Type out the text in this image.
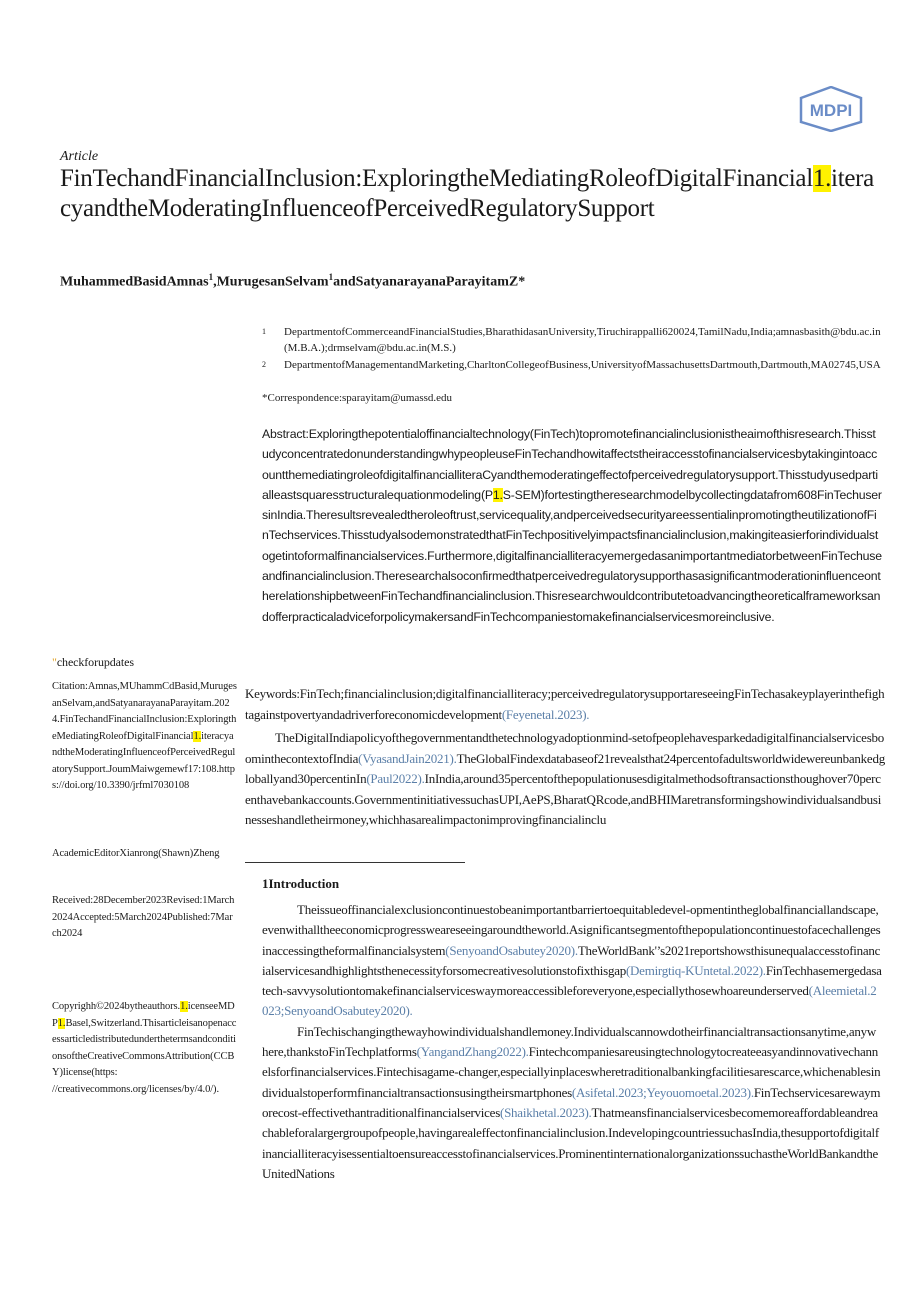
MDPI
Article
FinTechandFinancialInclusion:ExploringtheMediatingRoleofDigitalFinancial1.iteracyandtheModeratingInfluenceofPerceivedRegulatorySupport
MuhammedBasidAmnas$^1$,MurugesanSelvam$^1$andSatyanarayanaParayitamZ*
1 DepartmentofCommerceandFinancialStudies,BharathidasanUniversity,Tiruchirappalli620024,TamilNadu,India;amnasbasith@bdu.ac.in(M.B.A.);drmselvam@bdu.ac.in(M.S.)
2 DepartmentofManagementandMarketing,CharltonCollegeofBusiness,UniversityofMassachusettsDartmouth,Dartmouth,MA02745,USA
*Correspondence:sparayitam@umassd.edu
Abstract:Exploringthepotentialoffinancialtechnology(FinTech)topromotefinancialinclusionistheaimofthisresearch.ThisstudyconcentratedonunderstandingwhypeopleuseFinTechandhowitaffectstheiraccesstofinancialservicesbytakingintoaccountthemediatingroleofdigitalfinancialliteraCyandthemoderatingeffectofperceivedregulatorysupport.Thisstudyusedpartialleastsquaresstructuralequationmodeling(P1.S-SEM)fortestingtheresearchmodelbycollectingdatafrom608FinTechusersinIndia.Theresultsrevealedtheroleoftrust,servicequality,andperceivedsecurityareessentialinpromotingtheutilizationofFinTechservices.ThisstudyalsodemonstratedthatFinTechpositivelyimpactsfinancialinclusion,makingiteasierforindividualstogetintoformalfinancialservices.Furthermore,digitalfinancialliteracyemergedasanimportantmediatorbetweenFinTechuseandfinancialinclusion.TheresearchalsoconfirmedthatperceivedregulatorysupporthasasignificantmoderationinfluenceontherelationshipbetweenFinTechandfinancialinclusion.ThisresearchwouldcontributetoadvancingtheoreticalframeworksandofferpracticaladviceforpolicymakersandFinTechcompaniestomakefinancialservicesmoreinclusive.
Keywords:FinTech;financialinclusion;digitalfinancialliteracy;perceivedregulatorysupportareseeingFinTechasakeyplayerinthefightagainstpovertyandadriverforeconomicdevelopment(Feyenetal.2023).
TheDigitalIndiapolicyofthegovernmentandthetechnologyadoptionmind-setofpeoplehavesparkedadigitalfinancialservicesboominthecontextofIndia(VyasandJain2021).TheGlobalFindexdatabaseof21revealsthat24percentofadultsworldwidewereunbankedgloballyand30percentinIn(Paul2022).InIndia,around35percentofthepopulationusesdigitalmethodsoftransactionsthoughover70percenthavebankaccounts.GovernmentinitiativessuchasUPI,AePS,BharatQRcode,andBHIMaretransformingshowindividualsandbusinesseshandletheirmoney,whichhasarealimpactonimprovingfinancialinclu
1Introduction

Theissueoffinancialexclusioncontinuestobeanimportantbarriertoequitabledevel-opmentintheglobalfinanciallandscape,evenwithalltheeconomicprogressweareseeingaroundtheworld.Asignificantsegmentofthepopulationcontinuestofacechallengesinaccessingtheformalfinancialsystem(SenyoandOsabutey2020).TheWorldBank'’s2021reportshowsthisunequalaccesstofinancialservicesandhighlightsthenecessityforsomecreativesolutionstofixthisgap(Demirgtiq-KUntetal.2022).FinTechhasemergedasatech-savvysolutiontomakefinancialserviceswaymoreaccessibleforeveryone,especiallythosewhoareunderserved(Aleemietal.2023;SenyoandOsabutey2020).

FinTechischangingthewayhowindividualshandlemoney.Individualscannowdotheirfinancialtransactionsanytime,anywhere,thankstoFinTechplatforms(YangandZhang2022).Fintechcompaniesareusingtechnologytocreateeasyandinnovativechannelsforfinancialservices.Fintechisagame-changer,especiallyinplaceswheretraditionalbankingfacilitiesarescarce,whichenablesindividualstoperformfinancialtransactionsusingtheirsmartphones(Asifetal.2023;Yeyouomoetal.2023).FinTechservicesarewaymorecost-effectivethantraditionalfinancialservices(Shaikhetal.2023).Thatmeansfinancialservicesbecomemoreaffordableandreachableforalargergroupofpeople,havingarealeffectonfinancialinclusion.IndevelopingcountriessuchasIndia,thesupportofdigitalfinancialliteracyisessentialtoensureaccesstofinancialservices.ProminentinternationalorganizationssuchastheWorldBankandtheUnitedNations

"checkforupdates
Citation:Amnas,MUhammCdBasid,MurugesanSelvam,andSatyanarayanaParayitam.2024.FinTechandFinancialInclusion:ExploringtheMediatingRoleofDigitalFinancial1.iteracyandtheModeratingInfluenceofPerceivedRegulatorySupport.JoumMaiwgemewf17:108.https://doi.org/10.3390/jrfml7030108
AcademicEditorXianrong(Shawn)Zheng
Received:28December2023Revised:1March2024Accepted:5March2024Published:7March2024
Copyrighh©2024bytheauthors.1.icenseeMDP1.Basel,Switzerland.ThisarticleisanopenaccessarticledistributedunderthetermsandconditionsoftheCreativeCommonsAttribution(CCBY)license(https:
//creativecommons.org/licenses/by/4.0/).
